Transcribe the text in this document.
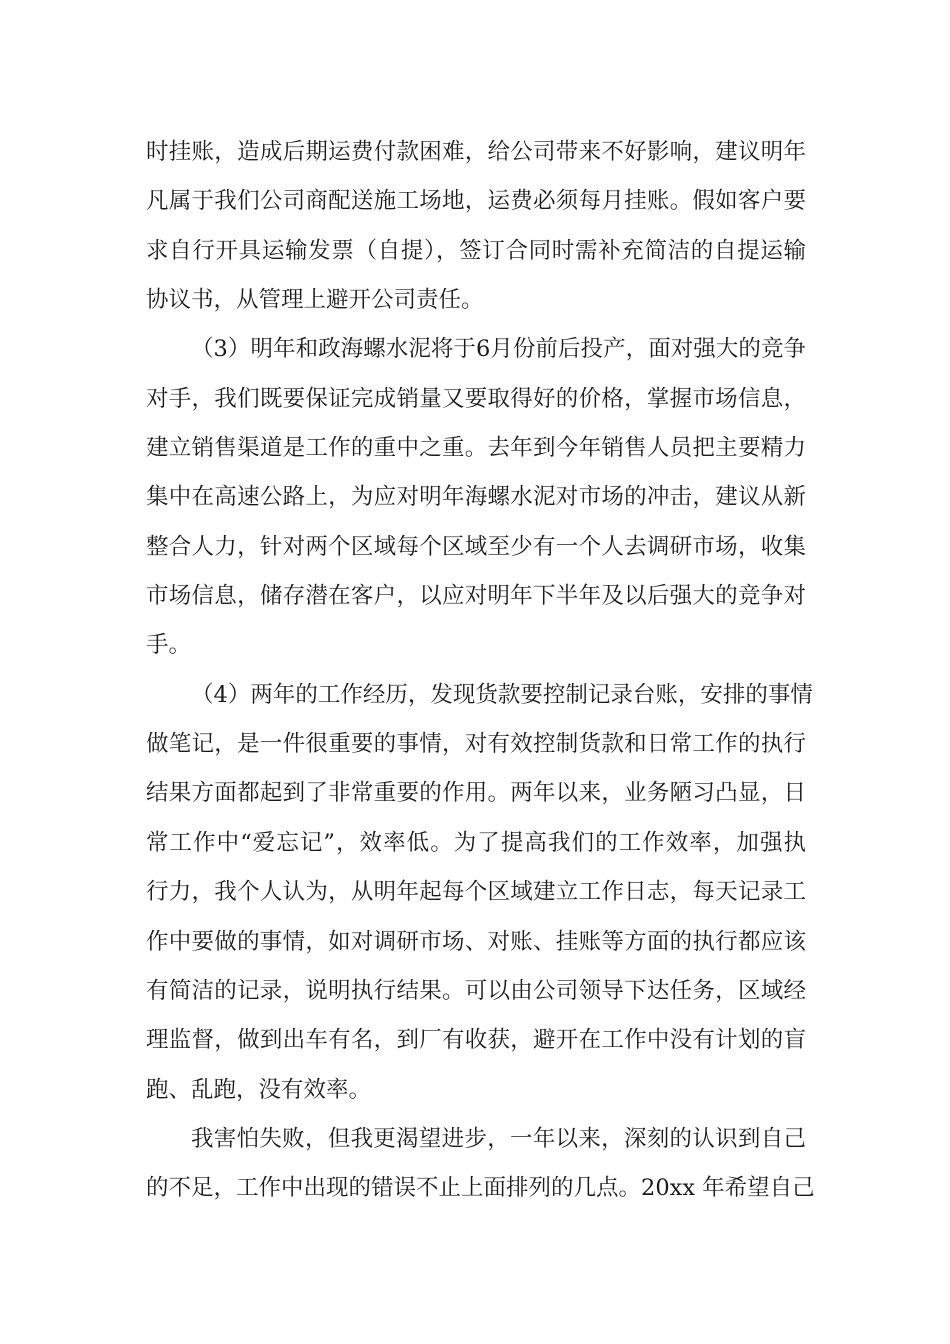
时挂账，造成后期运费付款困难，给公司带来不好影响，建议明年
凡属于我们公司商配送施工场地，运费必须每月挂账。假如客户要
求自行开具运输发票（自提），签订合同时需补充简洁的自提运输
协议书，从管理上避开公司责任。
（3）明年和政海螺水泥将于6月份前后投产，面对强大的竞争
对手，我们既要保证完成销量又要取得好的价格，掌握市场信息，
建立销售渠道是工作的重中之重。去年到今年销售人员把主要精力
集中在高速公路上，为应对明年海螺水泥对市场的冲击，建议从新
整合人力，针对两个区域每个区域至少有一个人去调研市场，收集
市场信息，储存潜在客户，以应对明年下半年及以后强大的竞争对
手。
（4）两年的工作经历，发现货款要控制记录台账，安排的事情
做笔记，是一件很重要的事情，对有效控制货款和日常工作的执行
结果方面都起到了非常重要的作用。两年以来，业务陋习凸显，日
常工作中“爱忘记”，效率低。为了提高我们的工作效率，加强执
行力，我个人认为，从明年起每个区域建立工作日志，每天记录工
作中要做的事情，如对调研市场、对账、挂账等方面的执行都应该
有简洁的记录，说明执行结果。可以由公司领导下达任务，区域经
理监督，做到出车有名，到厂有收获，避开在工作中没有计划的盲
跑、乱跑，没有效率。
我害怕失败，但我更渴望进步，一年以来，深刻的认识到自己
的不足，工作中出现的错误不止上面排列的几点。20xx 年希望自己
